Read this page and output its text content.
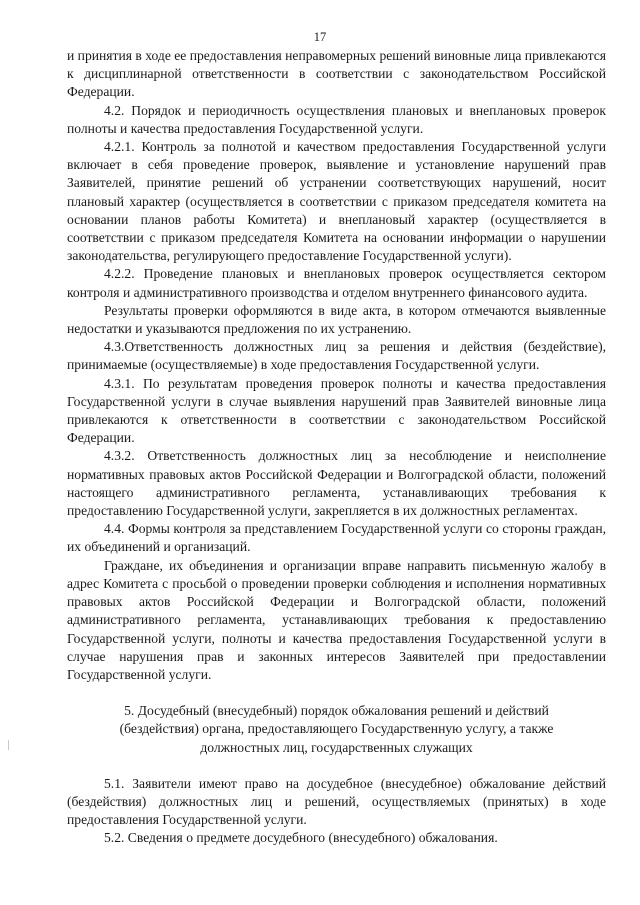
17

и принятия в ходе ее предоставления неправомерных решений виновные лица привлекаются к дисциплинарной ответственности в соответствии с законодательством Российской Федерации.

4.2. Порядок и периодичность осуществления плановых и внеплановых проверок полноты и качества предоставления Государственной услуги.

4.2.1. Контроль за полнотой и качеством предоставления Государственной услуги включает в себя проведение проверок, выявление и установление нарушений прав Заявителей, принятие решений об устранении соответствующих нарушений, носит плановый характер (осуществляется в соответствии с приказом председателя комитета на основании планов работы Комитета) и внеплановый характер (осуществляется в соответствии с приказом председателя Комитета на основании информации о нарушении законодательства, регулирующего предоставление Государственной услуги).

4.2.2. Проведение плановых и внеплановых проверок осуществляется сектором контроля и административного производства и отделом внутреннего финансового аудита.

Результаты проверки оформляются в виде акта, в котором отмечаются выявленные недостатки и указываются предложения по их устранению.

4.3.Ответственность должностных лиц за решения и действия (бездействие), принимаемые (осуществляемые) в ходе предоставления Государственной услуги.

4.3.1. По результатам проведения проверок полноты и качества предоставления Государственной услуги в случае выявления нарушений прав Заявителей виновные лица привлекаются к ответственности в соответствии с законодательством Российской Федерации.

4.3.2. Ответственность должностных лиц за несоблюдение и неисполнение нормативных правовых актов Российской Федерации и Волгоградской области, положений настоящего административного регламента, устанавливающих требования к предоставлению Государственной услуги, закрепляется в их должностных регламентах.

4.4. Формы контроля за представлением Государственной услуги со стороны граждан, их объединений и организаций.

Граждане, их объединения и организации вправе направить письменную жалобу в адрес Комитета с просьбой о проведении проверки соблюдения и исполнения нормативных правовых актов Российской Федерации и Волгоградской области, положений административного регламента, устанавливающих требования к предоставлению Государственной услуги, полноты и качества предоставления Государственной услуги в случае нарушения прав и законных интересов Заявителей при предоставлении Государственной услуги.

5. Досудебный (внесудебный) порядок обжалования решений и действий (бездействия) органа, предоставляющего Государственную услугу, а также должностных лиц, государственных служащих

5.1. Заявители имеют право на досудебное (внесудебное) обжалование действий (бездействия) должностных лиц и решений, осуществляемых (принятых) в ходе предоставления Государственной услуги.

5.2. Сведения о предмете досудебного (внесудебного) обжалования.
